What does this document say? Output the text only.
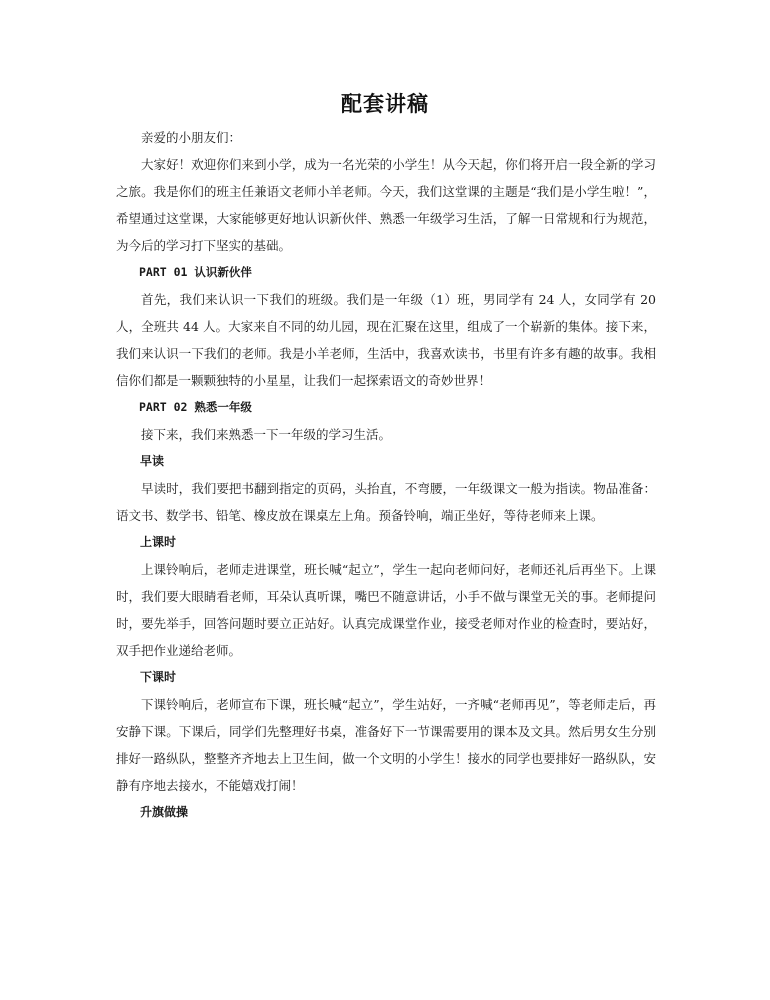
配套讲稿

亲爱的小朋友们：

大家好！欢迎你们来到小学，成为一名光荣的小学生！从今天起，你们将开启一段全新的学习之旅。我是你们的班主任兼语文老师小羊老师。今天，我们这堂课的主题是“我们是小学生啦！”，希望通过这堂课，大家能够更好地认识新伙伴、熟悉一年级学习生活，了解一日常规和行为规范，为今后的学习打下坚实的基础。

PART 01 认识新伙伴

首先，我们来认识一下我们的班级。我们是一年级（1）班，男同学有 24 人，女同学有 20 人，全班共 44 人。大家来自不同的幼儿园，现在汇聚在这里，组成了一个崭新的集体。接下来，我们来认识一下我们的老师。我是小羊老师，生活中，我喜欢读书，书里有许多有趣的故事。我相信你们都是一颗颗独特的小星星，让我们一起探索语文的奇妙世界！

PART 02 熟悉一年级

接下来，我们来熟悉一下一年级的学习生活。

早读

早读时，我们要把书翻到指定的页码，头抬直，不弯腰，一年级课文一般为指读。物品准备：语文书、数学书、铅笔、橡皮放在课桌左上角。预备铃响，端正坐好，等待老师来上课。

上课时

上课铃响后，老师走进课堂，班长喊“起立”，学生一起向老师问好，老师还礼后再坐下。上课时，我们要大眼睛看老师，耳朵认真听课，嘴巴不随意讲话，小手不做与课堂无关的事。老师提问时，要先举手，回答问题时要立正站好。认真完成课堂作业，接受老师对作业的检查时，要站好，双手把作业递给老师。

下课时

下课铃响后，老师宣布下课，班长喊“起立”，学生站好，一齐喊“老师再见”，等老师走后，再安静下课。下课后，同学们先整理好书桌，准备好下一节课需要用的课本及文具。然后男女生分别排好一路纵队，整整齐齐地去上卫生间，做一个文明的小学生！接水的同学也要排好一路纵队，安静有序地去接水，不能嬉戏打闹！

升旗做操
